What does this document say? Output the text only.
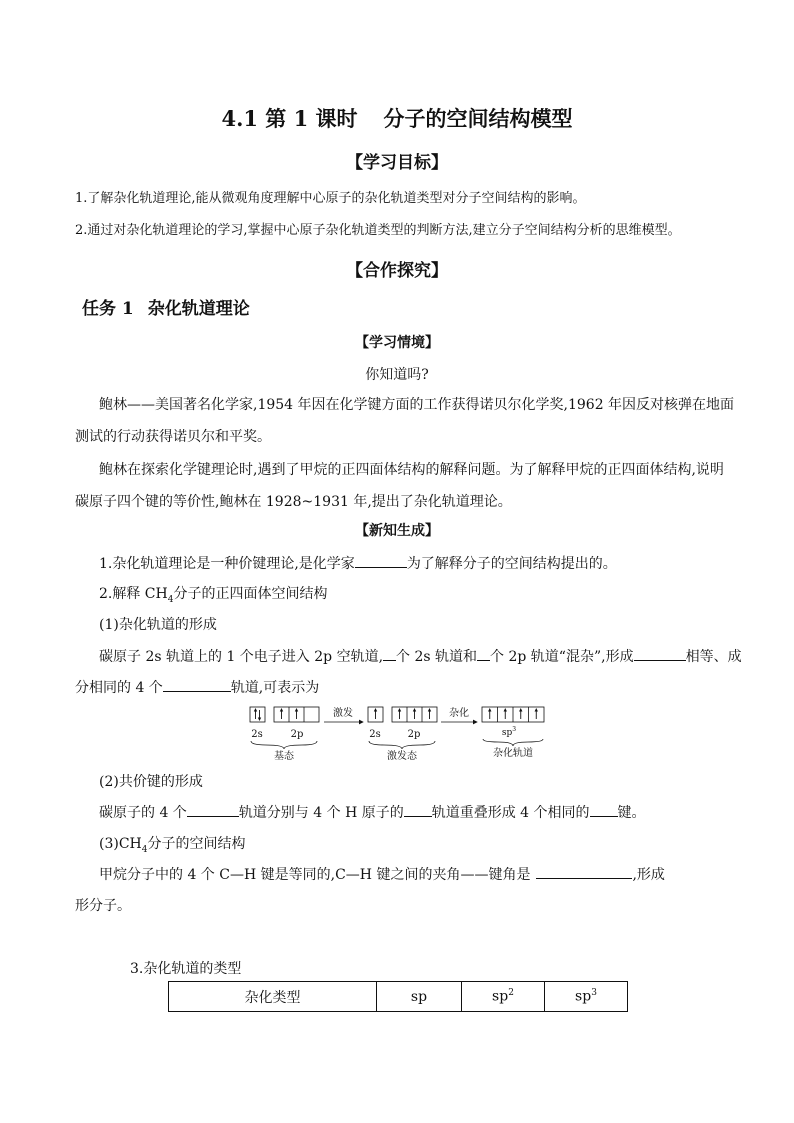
4.1 第 1 课时 分子的空间结构模型
【学习目标】
1.了解杂化轨道理论,能从微观角度理解中心原子的杂化轨道类型对分子空间结构的影响。
2.通过对杂化轨道理论的学习,掌握中心原子杂化轨道类型的判断方法,建立分子空间结构分析的思维模型。
【合作探究】
任务 1 杂化轨道理论
【学习情境】
你知道吗?
鲍林——美国著名化学家,1954 年因在化学键方面的工作获得诺贝尔化学奖,1962 年因反对核弹在地面
测试的行动获得诺贝尔和平奖。
鲍林在探索化学键理论时,遇到了甲烷的正四面体结构的解释问题。为了解释甲烷的正四面体结构,说明
碳原子四个键的等价性,鲍林在 1928~1931 年,提出了杂化轨道理论。
【新知生成】
1.杂化轨道理论是一种价键理论,是化学家	为了解释分子的空间结构提出的。
2.解释 $CH_4$分子的正四面体空间结构
(1)杂化轨道的形成
碳原子 2s 轨道上的 1 个电子进入 2p 空轨道, 个 2s 轨道和 个 2p 轨道“混杂”,形成	相等、成
分相同的 4 个	轨道,可表示为
2s	2p	2s	2p
基态	激发态
激发	杂化
$sp^3$
杂化轨道
(2)共价键的形成
碳原子的 4 个	轨道分别与 4 个 H 原子的 轨道重叠形成 4 个相同的 键。
$(3)CH_4$分子的空间结构
甲烷分子中的 4 个 C—H 键是等同的,C—H 键之间的夹角——键角是	,形成
形分子。
3.杂化轨道的类型
杂化类型	sp	$sp^2$	$sp^3$
